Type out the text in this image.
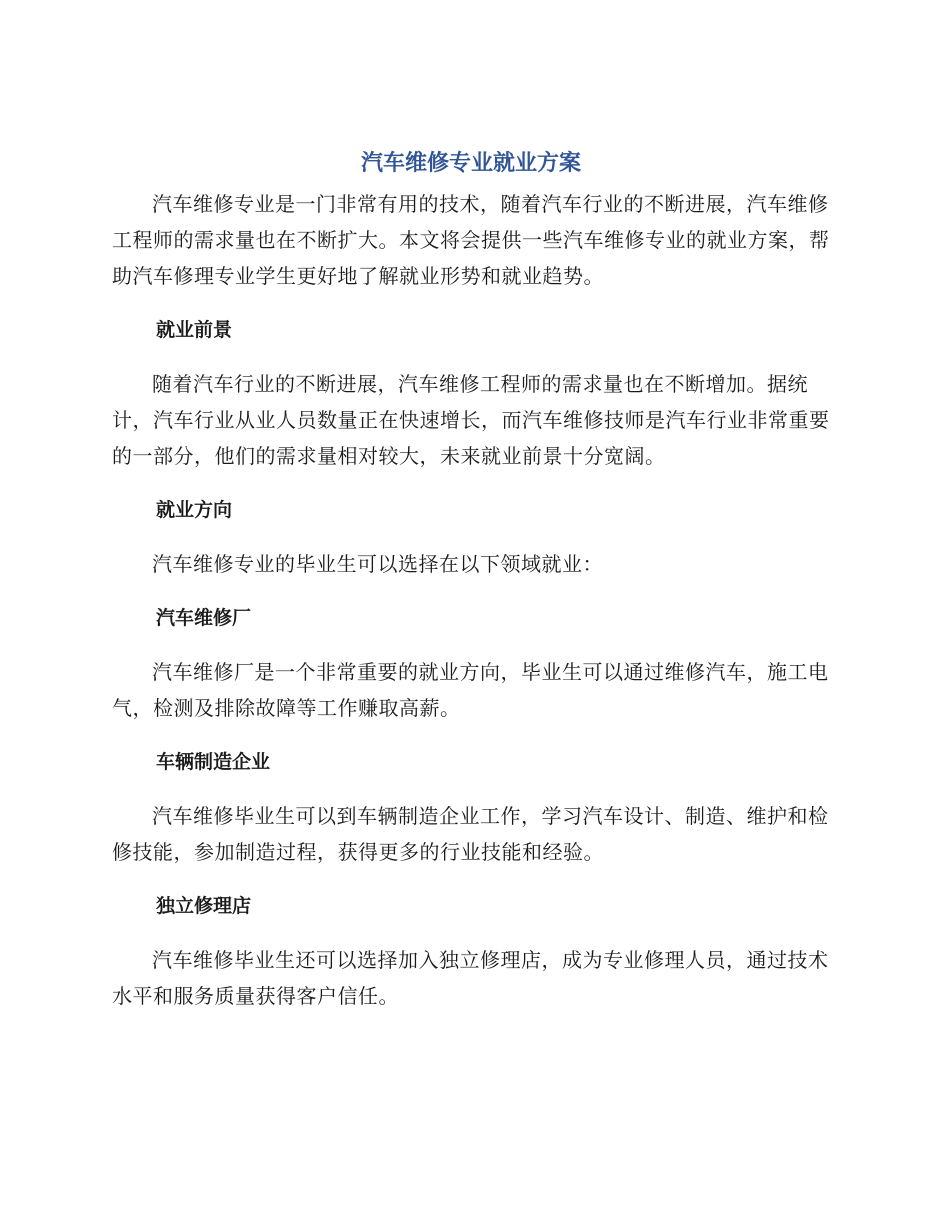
汽车维修专业就业方案

汽车维修专业是一门非常有用的技术，随着汽车行业的不断进展，汽车维修工程师的需求量也在不断扩大。本文将会提供一些汽车维修专业的就业方案，帮助汽车修理专业学生更好地了解就业形势和就业趋势。

就业前景

随着汽车行业的不断进展，汽车维修工程师的需求量也在不断增加。据统计，汽车行业从业人员数量正在快速增长，而汽车维修技师是汽车行业非常重要的一部分，他们的需求量相对较大，未来就业前景十分宽阔。

就业方向

汽车维修专业的毕业生可以选择在以下领域就业：

汽车维修厂

汽车维修厂是一个非常重要的就业方向，毕业生可以通过维修汽车，施工电气，检测及排除故障等工作赚取高薪。

车辆制造企业

汽车维修毕业生可以到车辆制造企业工作，学习汽车设计、制造、维护和检修技能，参加制造过程，获得更多的行业技能和经验。

独立修理店

汽车维修毕业生还可以选择加入独立修理店，成为专业修理人员，通过技术水平和服务质量获得客户信任。
